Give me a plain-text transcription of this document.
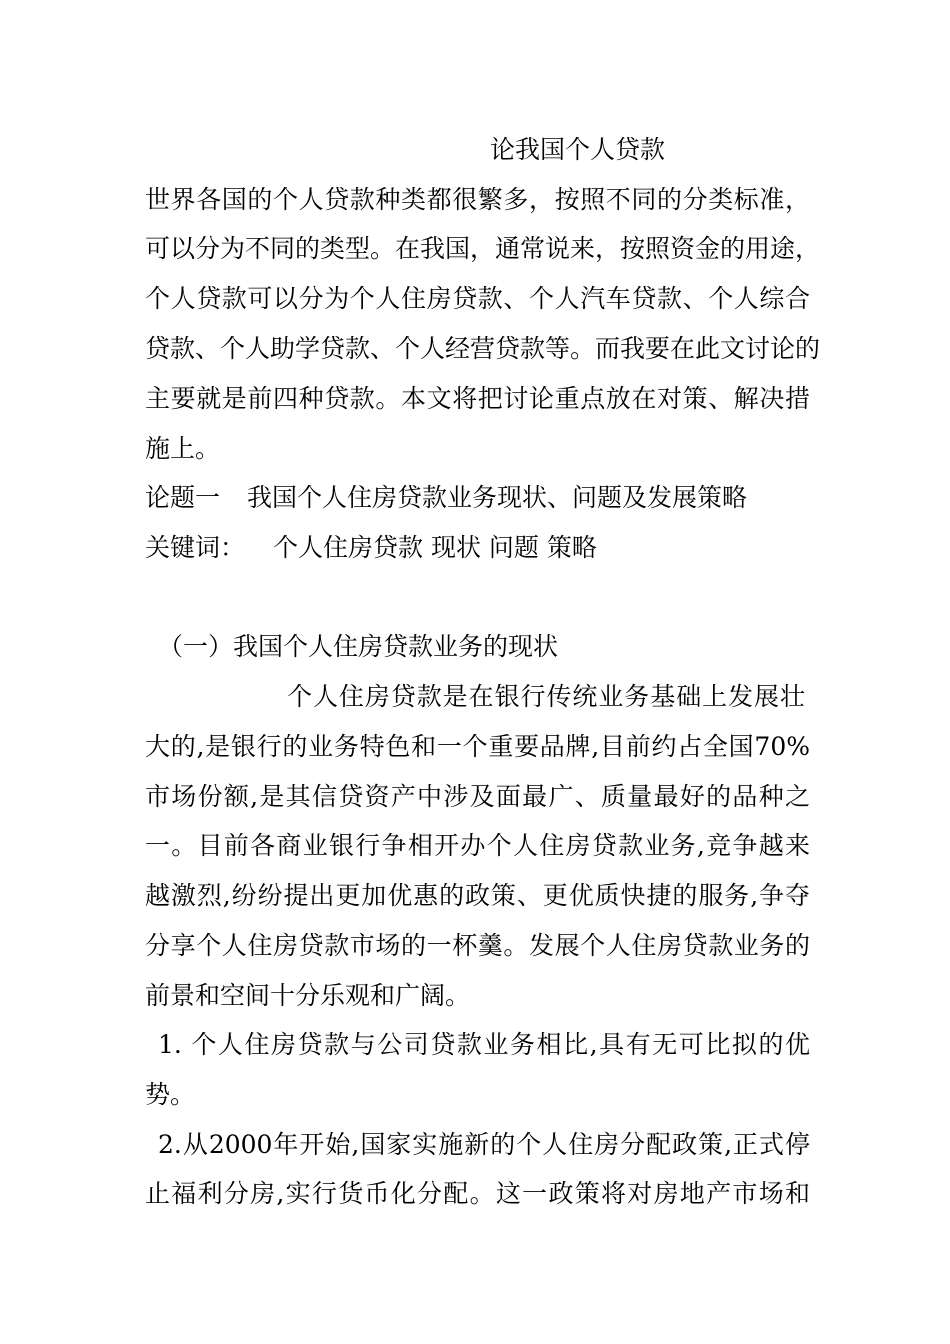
论我国个人贷款
世界各国的个人贷款种类都很繁多，按照不同的分类标准，
可以分为不同的类型。在我国，通常说来，按照资金的用途，
个人贷款可以分为个人住房贷款、个人汽车贷款、个人综合
贷款、个人助学贷款、个人经营贷款等。而我要在此文讨论的
主要就是前四种贷款。本文将把讨论重点放在对策、解决措
施上。
论题一 我国个人住房贷款业务现状、问题及发展策略
关键词： 个人住房贷款 现状 问题 策略
（一）我国个人住房贷款业务的现状
个人住房贷款是在银行传统业务基础上发展壮
大的,是银行的业务特色和一个重要品牌,目前约占全国70%
市场份额,是其信贷资产中涉及面最广、质量最好的品种之
一。目前各商业银行争相开办个人住房贷款业务,竞争越来
越激烈,纷纷提出更加优惠的政策、更优质快捷的服务,争夺
分享个人住房贷款市场的一杯羹。发展个人住房贷款业务的
前景和空间十分乐观和广阔。
1. 个人住房贷款与公司贷款业务相比,具有无可比拟的优
势。
2.从2000年开始,国家实施新的个人住房分配政策,正式停
止福利分房,实行货币化分配。这一政策将对房地产市场和
